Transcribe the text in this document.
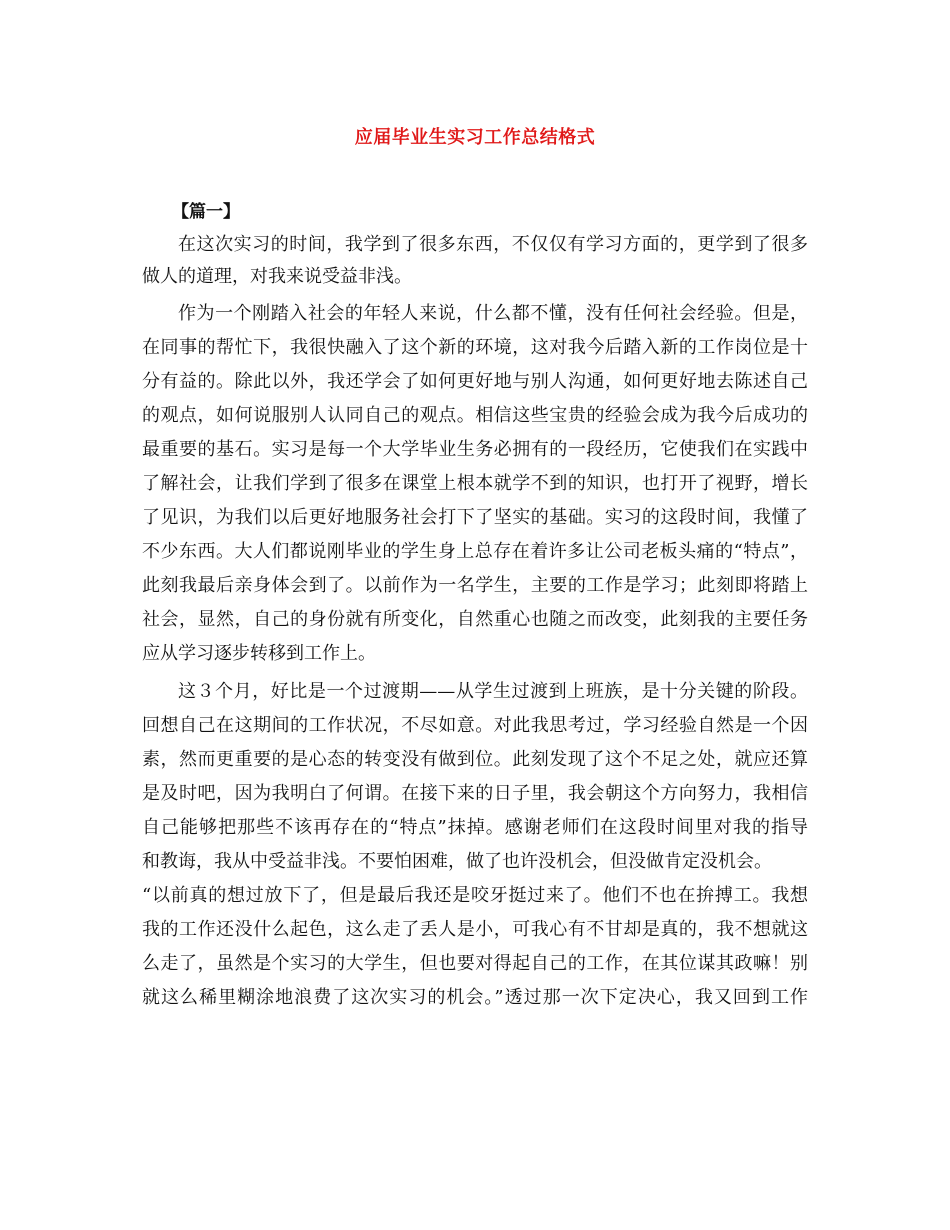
应届毕业生实习工作总结格式
【篇一】
在这次实习的时间，我学到了很多东西，不仅仅有学习方面的，更学到了很多
做人的道理，对我来说受益非浅。
作为一个刚踏入社会的年轻人来说，什么都不懂，没有任何社会经验。但是，
在同事的帮忙下，我很快融入了这个新的环境，这对我今后踏入新的工作岗位是十
分有益的。除此以外，我还学会了如何更好地与别人沟通，如何更好地去陈述自己
的观点，如何说服别人认同自己的观点。相信这些宝贵的经验会成为我今后成功的
最重要的基石。实习是每一个大学毕业生务必拥有的一段经历，它使我们在实践中
了解社会，让我们学到了很多在课堂上根本就学不到的知识，也打开了视野，增长
了见识，为我们以后更好地服务社会打下了坚实的基础。实习的这段时间，我懂了
不少东西。大人们都说刚毕业的学生身上总存在着许多让公司老板头痛的“特点”，
此刻我最后亲身体会到了。以前作为一名学生，主要的工作是学习；此刻即将踏上
社会，显然，自己的身份就有所变化，自然重心也随之而改变，此刻我的主要任务
应从学习逐步转移到工作上。
这３个月，好比是一个过渡期——从学生过渡到上班族，是十分关键的阶段。
回想自己在这期间的工作状况，不尽如意。对此我思考过，学习经验自然是一个因
素，然而更重要的是心态的转变没有做到位。此刻发现了这个不足之处，就应还算
是及时吧，因为我明白了何谓。在接下来的日子里，我会朝这个方向努力，我相信
自己能够把那些不该再存在的“特点”抹掉。感谢老师们在这段时间里对我的指导
和教诲，我从中受益非浅。不要怕困难，做了也许没机会，但没做肯定没机会。
“以前真的想过放下了，但是最后我还是咬牙挺过来了。他们不也在拚搏工。我想
我的工作还没什么起色，这么走了丢人是小，可我心有不甘却是真的，我不想就这
么走了，虽然是个实习的大学生，但也要对得起自己的工作，在其位谋其政嘛！别
就这么稀里糊涂地浪费了这次实习的机会。”透过那一次下定决心，我又回到工作
